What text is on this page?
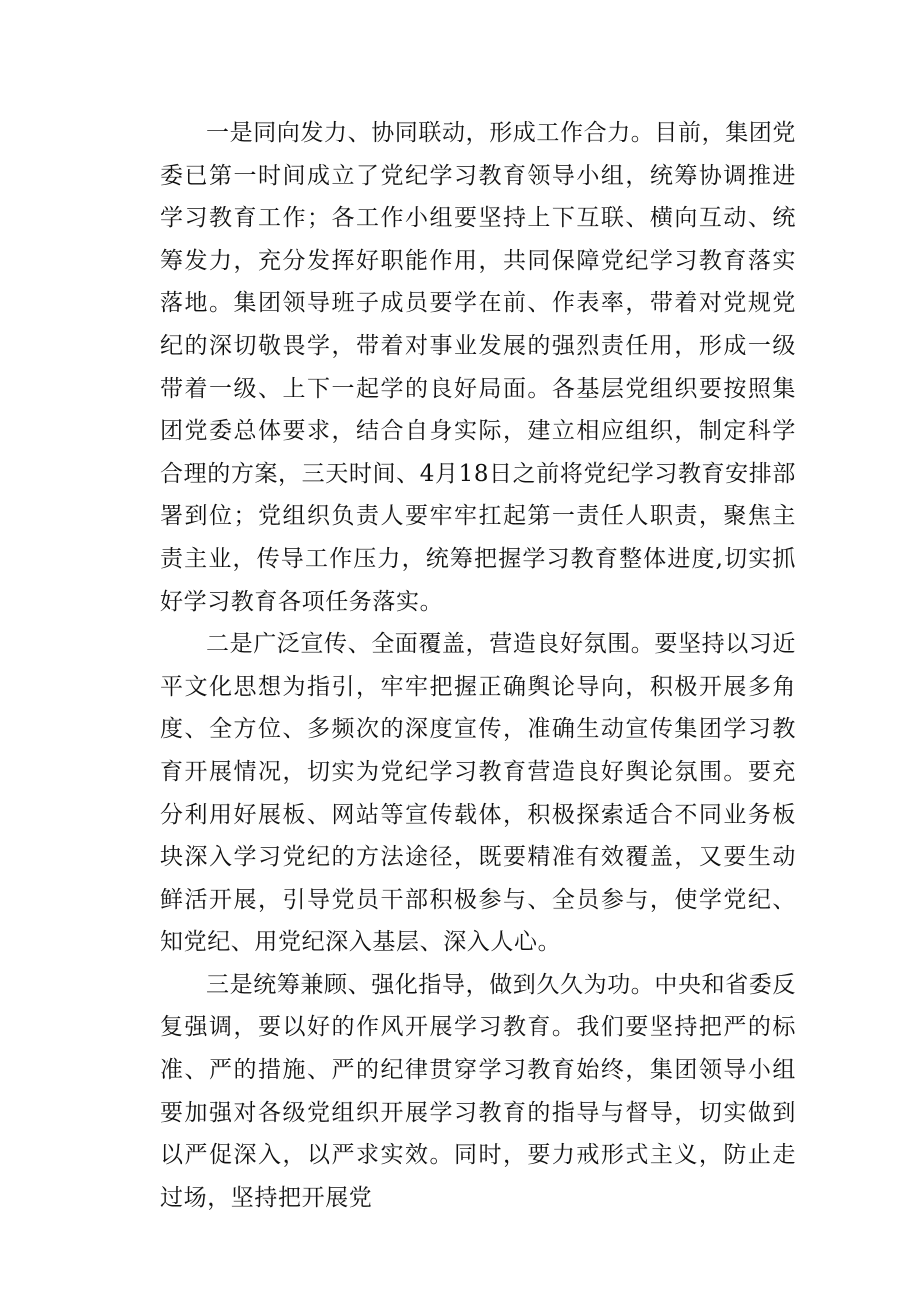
一是同向发力、协同联动，形成工作合力。目前，集团党委已第一时间成立了党纪学习教育领导小组，统筹协调推进学习教育工作；各工作小组要坚持上下互联、横向互动、统筹发力，充分发挥好职能作用，共同保障党纪学习教育落实落地。集团领导班子成员要学在前、作表率，带着对党规党纪的深切敬畏学，带着对事业发展的强烈责任用，形成一级带着一级、上下一起学的良好局面。各基层党组织要按照集团党委总体要求，结合自身实际，建立相应组织，制定科学合理的方案，三天时间、4月18日之前将党纪学习教育安排部署到位；党组织负责人要牢牢扛起第一责任人职责，聚焦主责主业，传导工作压力，统筹把握学习教育整体进度,切实抓好学习教育各项任务落实。

二是广泛宣传、全面覆盖，营造良好氛围。要坚持以习近平文化思想为指引，牢牢把握正确舆论导向，积极开展多角度、全方位、多频次的深度宣传，准确生动宣传集团学习教育开展情况，切实为党纪学习教育营造良好舆论氛围。要充分利用好展板、网站等宣传载体，积极探索适合不同业务板块深入学习党纪的方法途径，既要精准有效覆盖，又要生动鲜活开展，引导党员干部积极参与、全员参与，使学党纪、知党纪、用党纪深入基层、深入人心。

三是统筹兼顾、强化指导，做到久久为功。中央和省委反复强调，要以好的作风开展学习教育。我们要坚持把严的标准、严的措施、严的纪律贯穿学习教育始终，集团领导小组要加强对各级党组织开展学习教育的指导与督导，切实做到以严促深入，以严求实效。同时，要力戒形式主义，防止走过场，坚持把开展党
